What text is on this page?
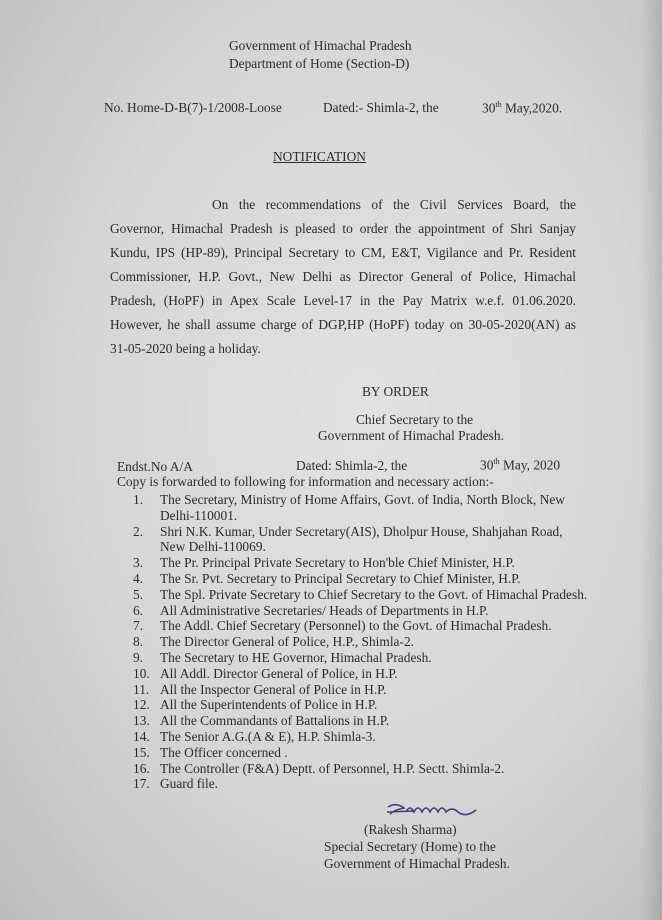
Government of Himachal Pradesh
Department of Home (Section-D)
No. Home-D-B(7)-1/2008-Loose	Dated:- Shimla-2, the	30th May,2020.
NOTIFICATION
On the recommendations of the Civil Services Board, the
Governor, Himachal Pradesh is pleased to order the appointment of Shri Sanjay
Kundu, IPS (HP-89), Principal Secretary to CM, E&T, Vigilance and Pr. Resident
Commissioner, H.P. Govt., New Delhi as Director General of Police, Himachal
Pradesh, (HoPF) in Apex Scale Level-17 in the Pay Matrix w.e.f. 01.06.2020.
However, he shall assume charge of DGP,HP (HoPF) today on 30-05-2020(AN) as
31-05-2020 being a holiday.
BY ORDER
Chief Secretary to the
Government of Himachal Pradesh.
Endst.No A/A	Dated: Shimla-2, the	30th May, 2020
Copy is forwarded to following for information and necessary action:-
1.	The Secretary, Ministry of Home Affairs, Govt. of India, North Block, New
Delhi-110001.
2.	Shri N.K. Kumar, Under Secretary(AIS), Dholpur House, Shahjahan Road,
New Delhi-110069.
3.	The Pr. Principal Private Secretary to Hon'ble Chief Minister, H.P.
4.	The Sr. Pvt. Secretary to Principal Secretary to Chief Minister, H.P.
5.	The Spl. Private Secretary to Chief Secretary to the Govt. of Himachal Pradesh.
6.	All Administrative Secretaries/ Heads of Departments in H.P.
7.	The Addl. Chief Secretary (Personnel) to the Govt. of Himachal Pradesh.
8.	The Director General of Police, H.P., Shimla-2.
9.	The Secretary to HE Governor, Himachal Pradesh.
10. All Addl. Director General of Police, in H.P.
11. All the Inspector General of Police in H.P.
12. All the Superintendents of Police in H.P.
13. All the Commandants of Battalions in H.P.
14. The Senior A.G.(A & E), H.P. Shimla-3.
15. The Officer concerned .
16. The Controller (F&A) Deptt. of Personnel, H.P. Sectt. Shimla-2.
17. Guard file.
(Rakesh Sharma)
Special Secretary (Home) to the
Government of Himachal Pradesh.
